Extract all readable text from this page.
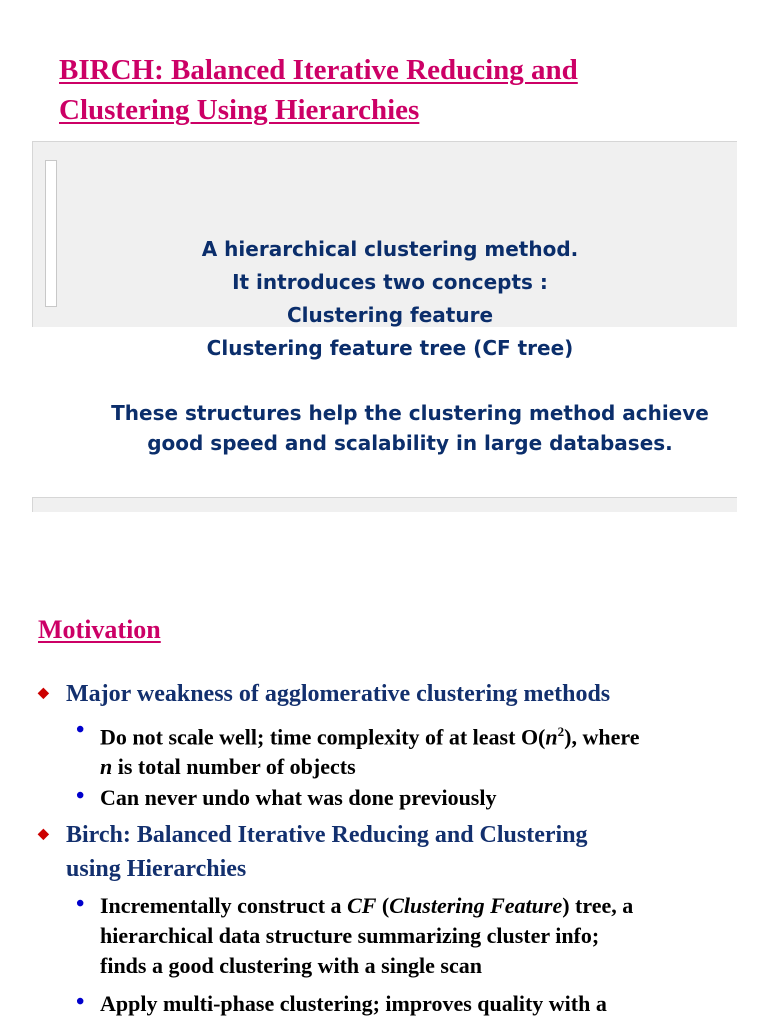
BIRCH: Balanced Iterative Reducing and
Clustering Using Hierarchies
A hierarchical clustering method.
It introduces two concepts :
Clustering feature
Clustering feature tree (CF tree)
These structures help the clustering method achieve
good speed and scalability in large databases.
Motivation
◆ Major weakness of agglomerative clustering methods
• Do not scale well; time complexity of at least $O(n^2)$, where
n is total number of objects
• Can never undo what was done previously
◆ Birch: Balanced Iterative Reducing and Clustering
using Hierarchies
• Incrementally construct a CF (Clustering Feature) tree, a
hierarchical data structure summarizing cluster info;
finds a good clustering with a single scan
• Apply multi-phase clustering; improves quality with a
